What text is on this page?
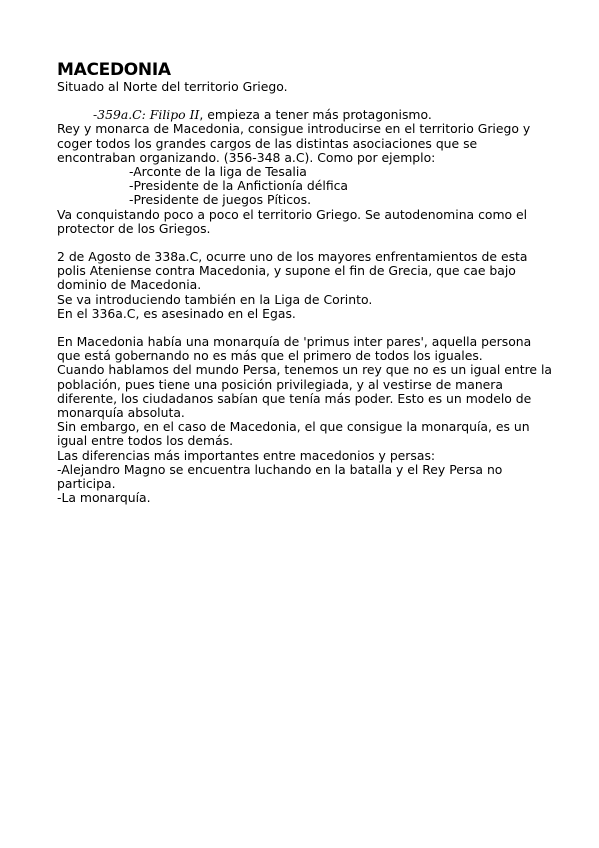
MACEDONIA

Situado al Norte del territorio Griego.

-359a.C: Filipo II, empieza a tener más protagonismo.

Rey y monarca de Macedonia, consigue introducirse en el territorio Griego y coger todos los grandes cargos de las distintas asociaciones que se encontraban organizando. (356-348 a.C). Como por ejemplo:

-Arconte de la liga de Tesalia

-Presidente de la Anfictionía délfica

-Presidente de juegos Píticos.

Va conquistando poco a poco el territorio Griego. Se autodenomina como el protector de los Griegos.

2 de Agosto de 338a.C, ocurre uno de los mayores enfrentamientos de esta polis Ateniense contra Macedonia, y supone el fin de Grecia, que cae bajo dominio de Macedonia.

Se va introduciendo también en la Liga de Corinto.

En el 336a.C, es asesinado en el Egas.

En Macedonia había una monarquía de 'primus inter pares', aquella persona que está gobernando no es más que el primero de todos los iguales.

Cuando hablamos del mundo Persa, tenemos un rey que no es un igual entre la población, pues tiene una posición privilegiada, y al vestirse de manera diferente, los ciudadanos sabían que tenía más poder. Esto es un modelo de monarquía absoluta.

Sin embargo, en el caso de Macedonia, el que consigue la monarquía, es un igual entre todos los demás.

Las diferencias más importantes entre macedonios y persas:

-Alejandro Magno se encuentra luchando en la batalla y el Rey Persa no participa.

-La monarquía.
